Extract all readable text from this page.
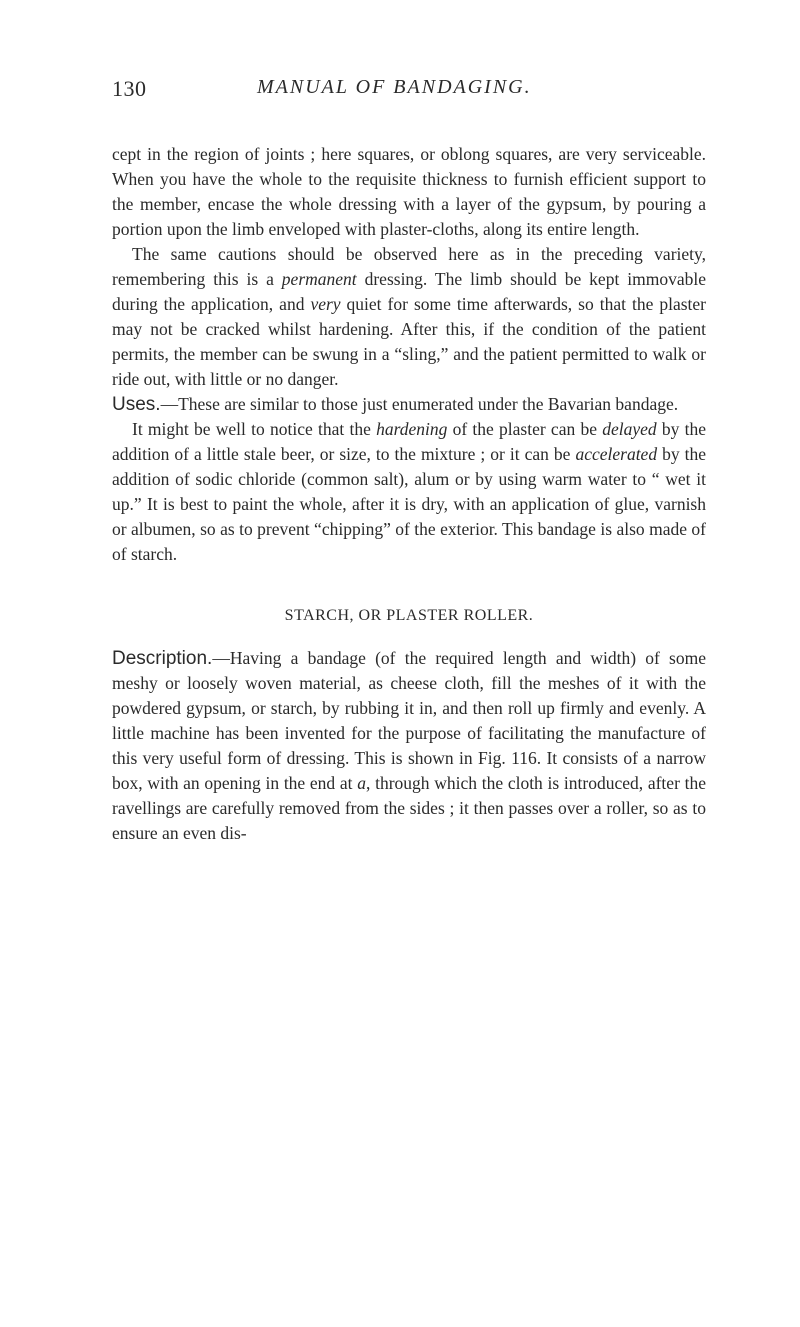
130	MANUAL OF BANDAGING.

cept in the region of joints ; here squares, or oblong squares, are very serviceable. When you have the whole to the requisite thickness to furnish efficient support to the member, encase the whole dressing with a layer of the gypsum, by pouring a portion upon the limb enveloped with plaster-cloths, along its entire length.

The same cautions should be observed here as in the preceding variety, remembering this is a permanent dressing. The limb should be kept immovable during the application, and very quiet for some time afterwards, so that the plaster may not be cracked whilst hardening. After this, if the condition of the patient permits, the member can be swung in a “sling,” and the patient permitted to walk or ride out, with little or no danger.

Uses.—These are similar to those just enumerated under the Bavarian bandage.

It might be well to notice that the hardening of the plaster can be delayed by the addition of a little stale beer, or size, to the mixture ; or it can be accelerated by the addition of sodic chloride (common salt), alum or by using warm water to “ wet it up.” It is best to paint the whole, after it is dry, with an application of glue, varnish or albumen, so as to prevent “chipping” of the exterior. This bandage is also made of of starch.

STARCH, OR PLASTER ROLLER.

Description.—Having a bandage (of the required length and width) of some meshy or loosely woven material, as cheese cloth, fill the meshes of it with the powdered gypsum, or starch, by rubbing it in, and then roll up firmly and evenly. A little machine has been invented for the purpose of facilitating the manufacture of this very useful form of dressing. This is shown in Fig. 116. It consists of a narrow box, with an opening in the end at a, through which the cloth is introduced, after the ravellings are carefully removed from the sides ; it then passes over a roller, so as to ensure an even dis-
